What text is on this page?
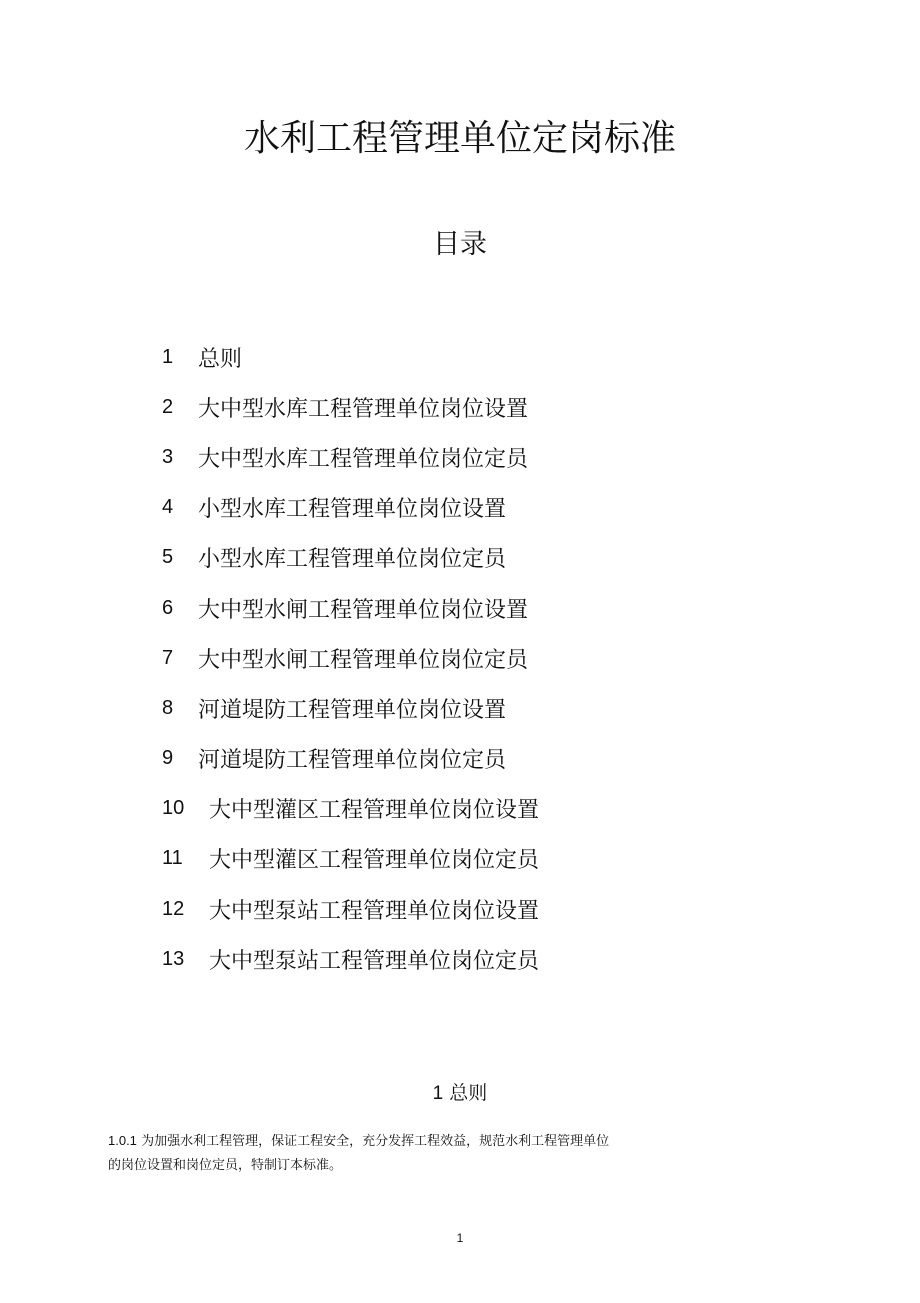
水利工程管理单位定岗标准
目录
1	总则
2	大中型水库工程管理单位岗位设置
3	大中型水库工程管理单位岗位定员
4	小型水库工程管理单位岗位设置
5	小型水库工程管理单位岗位定员
6	大中型水闸工程管理单位岗位设置
7	大中型水闸工程管理单位岗位定员
8	河道堤防工程管理单位岗位设置
9	河道堤防工程管理单位岗位定员
10	大中型灌区工程管理单位岗位设置
11	大中型灌区工程管理单位岗位定员
12	大中型泵站工程管理单位岗位设置
13	大中型泵站工程管理单位岗位定员
1 总则

1.0.1 为加强水利工程管理，保证工程安全，充分发挥工程效益，规范水利工程管理单位
的岗位设置和岗位定员，特制订本标准。

1
